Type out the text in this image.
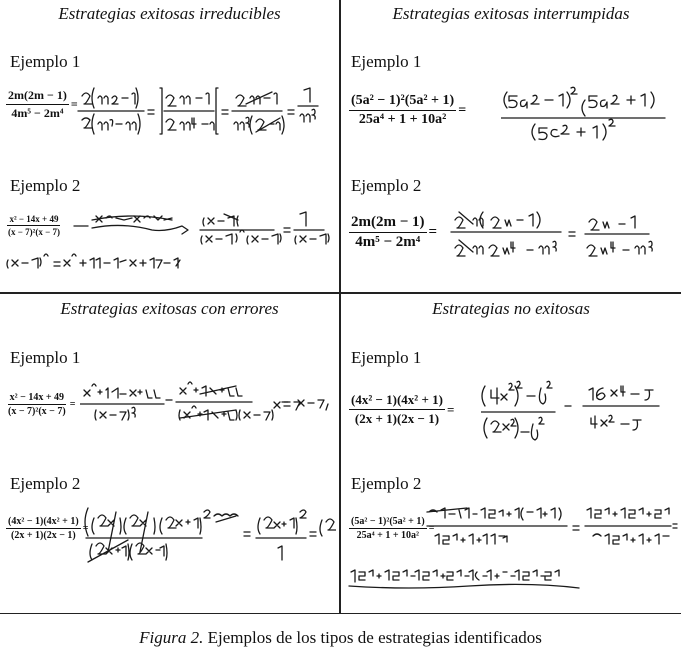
Estrategias exitosas irreducibles
Ejemplo 1
$\frac{2m(2m - 1)}{\text{4m⁵ − 2m⁴}}$ =
Ejemplo 2
$\frac{\text{x² − 14x + 49}}{\text{(x − 7)²(x − 7)}}$
Estrategias exitosas interrumpidas
Ejemplo 1
$\frac{\text{(5a² − 1)²(5a² + 1)}}{\text{25a⁴ + 1 + 10a²}}$ =
Ejemplo 2
$\frac{2m(2m - 1)}{\text{4m⁵ − 2m⁴}}$ =
Estrategias exitosas con errores
Ejemplo 1
$\frac{\text{x² − 14x + 49}}{\text{(x − 7)²(x − 7)}}$ =
Ejemplo 2
$\frac{\text{(4x² − 1)(4x² + 1)}}{(2x + 1)(2x - 1)}$ =
Estrategias no exitosas
Ejemplo 1
$\frac{\text{(4x² − 1)(4x² + 1)}}{(2x + 1)(2x - 1)}$ =
Ejemplo 2
$\frac{\text{(5a² − 1)²(5a² + 1)}}{\text{25a⁴ + 1 + 10a²}}$ =
Figura 2. Ejemplos de los tipos de estrategias identificados
